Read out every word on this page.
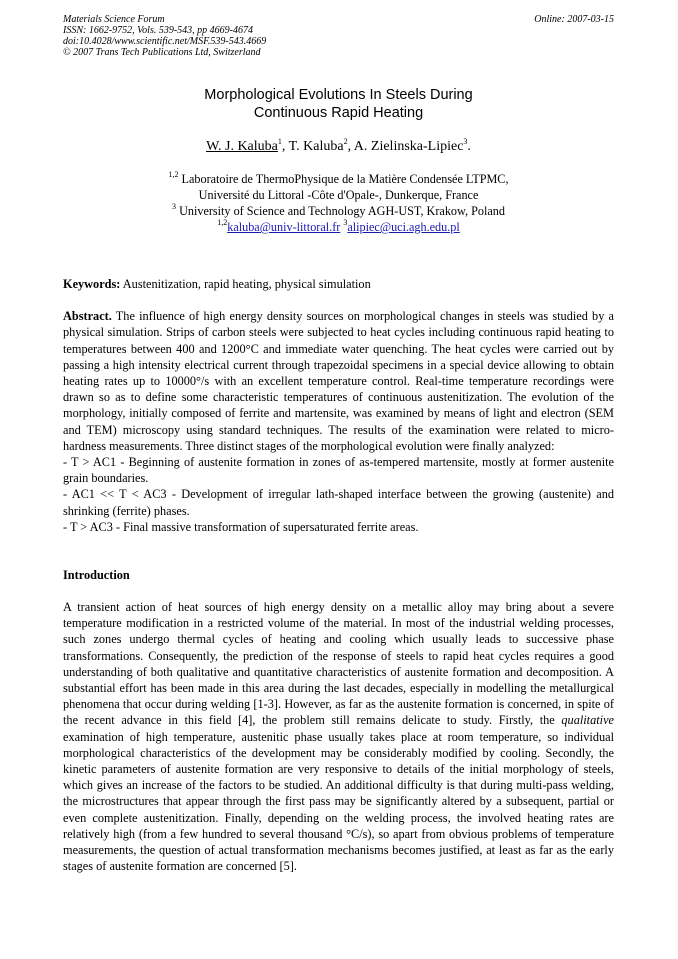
Materials Science Forum
ISSN: 1662-9752, Vols. 539-543, pp 4669-4674
doi:10.4028/www.scientific.net/MSF.539-543.4669
© 2007 Trans Tech Publications Ltd, Switzerland
Online: 2007-03-15
Morphological Evolutions In Steels During
Continuous Rapid Heating
W. J. Kaluba$^1$, T. Kaluba$^2$, A. Zielinska-Lipiec$^3$.
$^{1,2}$ Laboratoire de ThermoPhysique de la Matière Condensée LTPMC,
Université du Littoral -Côte d'Opale-, Dunkerque, France
$^3$ University of Science and Technology AGH-UST, Krakow, Poland
$^{1,2}$kaluba@univ-littoral.fr $^3$alipiec@uci.agh.edu.pl
Keywords: Austenitization, rapid heating, physical simulation
Abstract. The influence of high energy density sources on morphological changes in steels was studied by a physical simulation. Strips of carbon steels were subjected to heat cycles including continuous rapid heating to temperatures between 400 and 1200°C and immediate water quenching. The heat cycles were carried out by passing a high intensity electrical current through trapezoidal specimens in a special device allowing to obtain heating rates up to 10000°/s with an excellent temperature control. Real-time temperature recordings were drawn so as to define some characteristic temperatures of continuous austenitization. The evolution of the morphology, initially composed of ferrite and martensite, was examined by means of light and electron (SEM and TEM) microscopy using standard techniques. The results of the examination were related to micro-hardness measurements. Three distinct stages of the morphological evolution were finally analyzed:
- T > AC1 - Beginning of austenite formation in zones of as-tempered martensite, mostly at former austenite grain boundaries.
- AC1 << T < AC3 - Development of irregular lath-shaped interface between the growing (austenite) and shrinking (ferrite) phases.
- T > AC3 - Final massive transformation of supersaturated ferrite areas.
Introduction
A transient action of heat sources of high energy density on a metallic alloy may bring about a severe temperature modification in a restricted volume of the material. In most of the industrial welding processes, such zones undergo thermal cycles of heating and cooling which usually leads to successive phase transformations. Consequently, the prediction of the response of steels to rapid heat cycles requires a good understanding of both qualitative and quantitative characteristics of austenite formation and decomposition. A substantial effort has been made in this area during the last decades, especially in modelling the metallurgical phenomena that occur during welding [1-3]. However, as far as the austenite formation is concerned, in spite of the recent advance in this field [4], the problem still remains delicate to study. Firstly, the qualitative examination of high temperature, austenitic phase usually takes place at room temperature, so individual morphological characteristics of the development may be considerably modified by cooling. Secondly, the kinetic parameters of austenite formation are very responsive to details of the initial morphology of steels, which gives an increase of the factors to be studied. An additional difficulty is that during multi-pass welding, the microstructures that appear through the first pass may be significantly altered by a subsequent, partial or even complete austenitization. Finally, depending on the welding process, the involved heating rates are relatively high (from a few hundred to several thousand °C/s), so apart from obvious problems of temperature measurements, the question of actual transformation mechanisms becomes justified, at least as far as the early stages of austenite formation are concerned [5].
